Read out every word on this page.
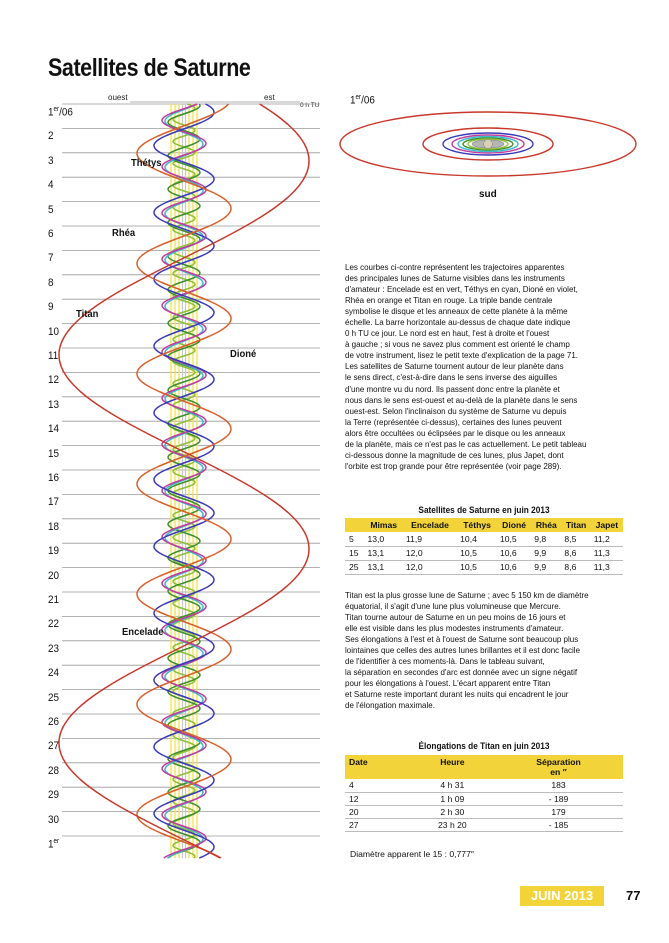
Satellites de Saturne
ouest	est
0 h TU
1er/06
2
3
4
5
6
7
8
9
10
11
12
13
14
15
16
17
18
19
20
21
22
23
24
25
26
27
28
29
30
1er
Thétys
Rhéa
Titan
Dioné
Encelade
1er/06
sud
Les courbes ci-contre représentent les trajectoires apparentes
des principales lunes de Saturne visibles dans les instruments
d'amateur : Encelade est en vert, Téthys en cyan, Dioné en violet,
Rhéa en orange et Titan en rouge. La triple bande centrale
symbolise le disque et les anneaux de cette planète à la même
échelle. La barre horizontale au-dessus de chaque date indique
0 h TU ce jour. Le nord est en haut, l'est à droite et l'ouest
à gauche ; si vous ne savez plus comment est orienté le champ
de votre instrument, lisez le petit texte d'explication de la page 71.
Les satellites de Saturne tournent autour de leur planète dans
le sens direct, c'est-à-dire dans le sens inverse des aiguilles
d'une montre vu du nord. Ils passent donc entre la planète et
nous dans le sens est-ouest et au-delà de la planète dans le sens
ouest-est. Selon l'inclinaison du système de Saturne vu depuis
la Terre (représentée ci-dessus), certaines des lunes peuvent
alors être occultées ou éclipsées par le disque ou les anneaux
de la planète, mais ce n'est pas le cas actuellement. Le petit tableau
ci-dessous donne la magnitude de ces lunes, plus Japet, dont
l'orbite est trop grande pour être représentée (voir page 289).
Satellites de Saturne en juin 2013
	Mimas	Encelade	Téthys	Dioné	Rhéa	Titan	Japet
5	13,0	11,9	10,4	10,5	9,8	8,5	11,2
15	13,1	12,0	10,5	10,6	9,9	8,6	11,3
25	13,1	12,0	10,5	10,6	9,9	8,6	11,3
Titan est la plus grosse lune de Saturne ; avec 5 150 km de diamètre
équatorial, il s'agit d'une lune plus volumineuse que Mercure.
Titan tourne autour de Saturne en un peu moins de 16 jours et
elle est visible dans les plus modestes instruments d'amateur.
Ses élongations à l'est et à l'ouest de Saturne sont beaucoup plus
lointaines que celles des autres lunes brillantes et il est donc facile
de l'identifier à ces moments-là. Dans le tableau suivant,
la séparation en secondes d'arc est donnée avec un signe négatif
pour les élongations à l'ouest. L'écart apparent entre Titan
et Saturne reste important durant les nuits qui encadrent le jour
de l'élongation maximale.
Élongations de Titan en juin 2013
Date	Heure	Séparation
en ″
4	4 h 31	183
12	1 h 09	- 189
20	2 h 30	179
27	23 h 20	- 185
Diamètre apparent le 15 : 0,777″
JUIN 2013	77
